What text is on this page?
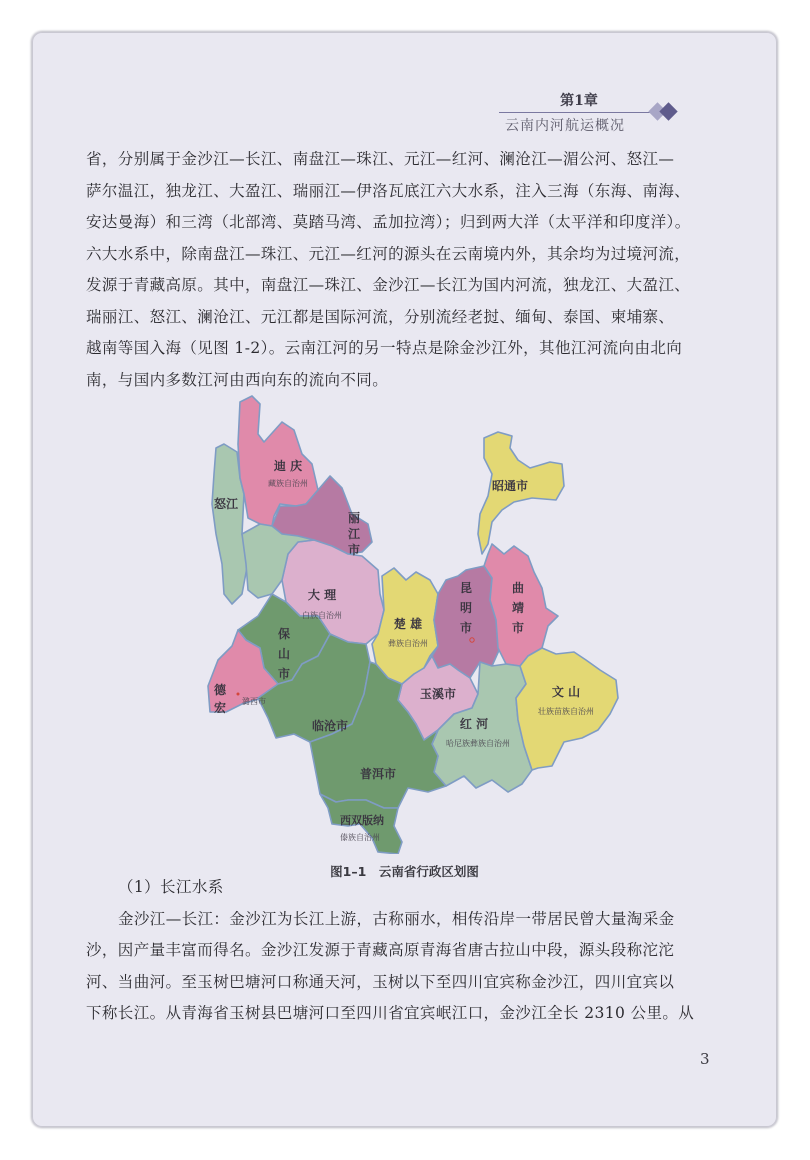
第1章
云南内河航运概况
省，分别属于金沙江—长江、南盘江—珠江、元江—红河、澜沧江—湄公河、怒江—
萨尔温江，独龙江、大盈江、瑞丽江—伊洛瓦底江六大水系，注入三海（东海、南海、
安达曼海）和三湾（北部湾、莫踏马湾、孟加拉湾）；归到两大洋（太平洋和印度洋）。
六大水系中，除南盘江—珠江、元江—红河的源头在云南境内外，其余均为过境河流，
发源于青藏高原。其中，南盘江—珠江、金沙江—长江为国内河流，独龙江、大盈江、
瑞丽江、怒江、澜沧江、元江都是国际河流，分别流经老挝、缅甸、泰国、柬埔寨、
越南等国入海（见图 1-2）。云南江河的另一特点是除金沙江外，其他江河流向由北向
南，与国内多数江河由西向东的流向不同。
怒江
迪 庆
昭通市
大 理
楚 雄
临沧市
玉溪市
红 河
文 山
普洱市
西双版纳
丽
江
市
昆
明
市
曲
靖
市
保
山
市
德
宏
藏族自治州
白族自治州
彝族自治州
哈尼族彝族自治州
壮族苗族自治州
傣族自治州
潞西市
图1–1　云南省行政区划图
（1）长江水系
金沙江—长江：金沙江为长江上游，古称丽水，相传沿岸一带居民曾大量淘采金
沙，因产量丰富而得名。金沙江发源于青藏高原青海省唐古拉山中段，源头段称沱沱
河、当曲河。至玉树巴塘河口称通天河，玉树以下至四川宜宾称金沙江，四川宜宾以
下称长江。从青海省玉树县巴塘河口至四川省宜宾岷江口，金沙江全长 2310 公里。从
3
